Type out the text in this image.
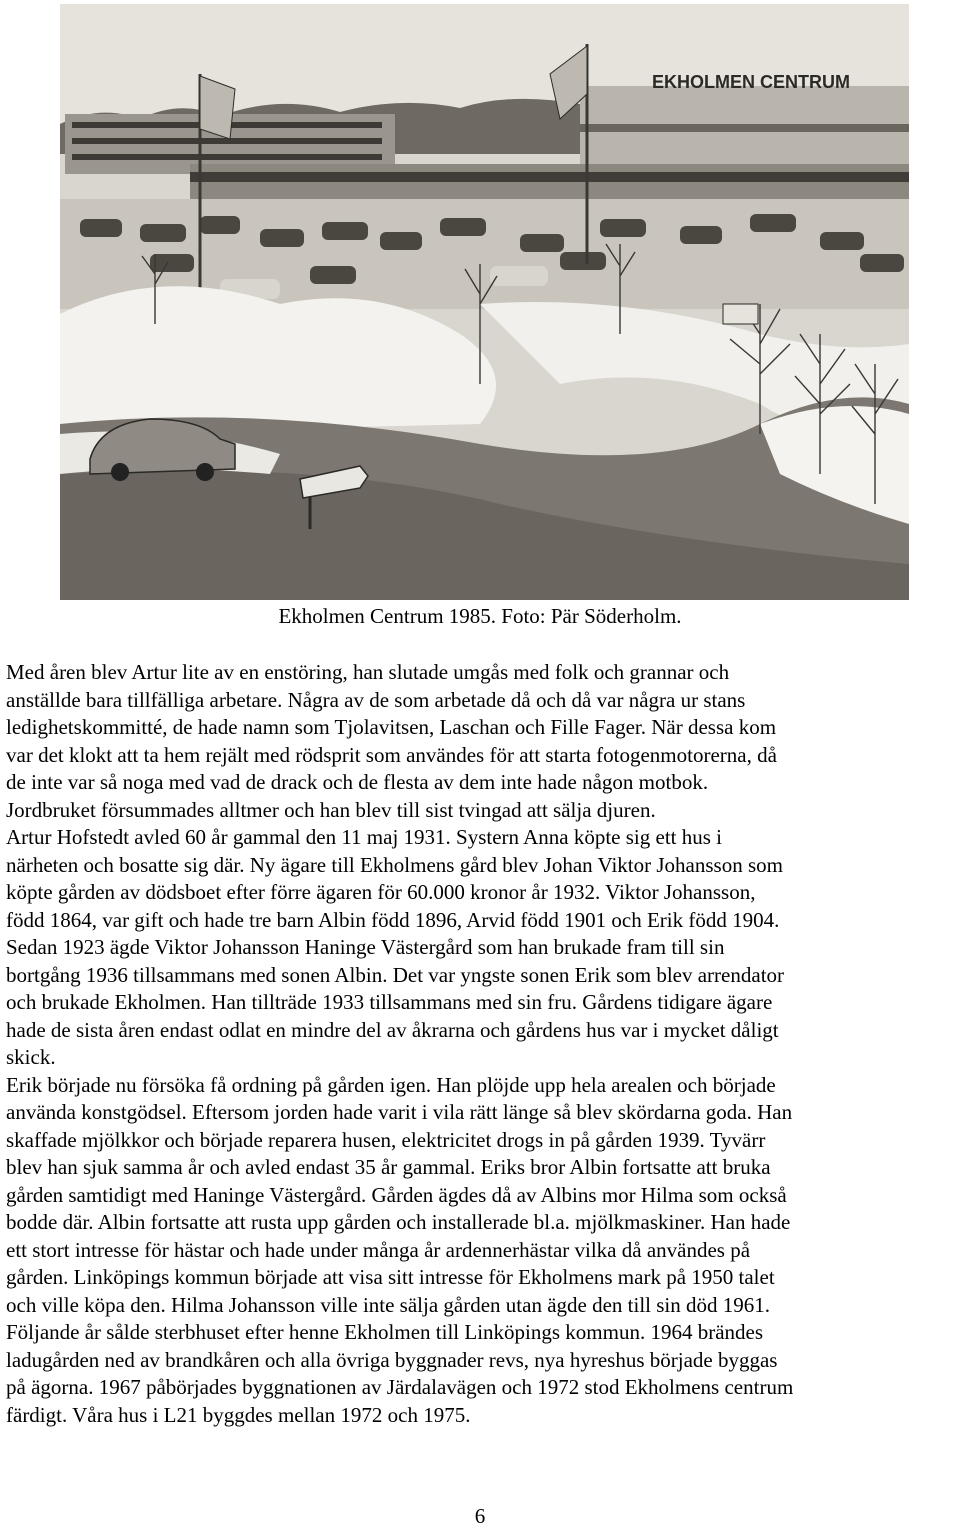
EKHOLMEN CENTRUM
Ekholmen Centrum 1985. Foto: Pär Söderholm.
Med åren blev Artur lite av en enstöring, han slutade umgås med folk och grannar och
anställde bara tillfälliga arbetare. Några av de som arbetade då och då var några ur stans
ledighetskommitté, de hade namn som Tjolavitsen, Laschan och Fille Fager. När dessa kom
var det klokt att ta hem rejält med rödsprit som användes för att starta fotogenmotorerna, då
de inte var så noga med vad de drack och de flesta av dem inte hade någon motbok.
Jordbruket försummades alltmer och han blev till sist tvingad att sälja djuren.
Artur Hofstedt avled 60 år gammal den 11 maj 1931. Systern Anna köpte sig ett hus i
närheten och bosatte sig där. Ny ägare till Ekholmens gård blev Johan Viktor Johansson som
köpte gården av dödsboet efter förre ägaren för 60.000 kronor år 1932. Viktor Johansson,
född 1864, var gift och hade tre barn Albin född 1896, Arvid född 1901 och Erik född 1904.
Sedan 1923 ägde Viktor Johansson Haninge Västergård som han brukade fram till sin
bortgång 1936 tillsammans med sonen Albin. Det var yngste sonen Erik som blev arrendator
och brukade Ekholmen. Han tillträde 1933 tillsammans med sin fru. Gårdens tidigare ägare
hade de sista åren endast odlat en mindre del av åkrarna och gårdens hus var i mycket dåligt
skick.
Erik började nu försöka få ordning på gården igen. Han plöjde upp hela arealen och började
använda konstgödsel. Eftersom jorden hade varit i vila rätt länge så blev skördarna goda. Han
skaffade mjölkkor och började reparera husen, elektricitet drogs in på gården 1939. Tyvärr
blev han sjuk samma år och avled endast 35 år gammal. Eriks bror Albin fortsatte att bruka
gården samtidigt med Haninge Västergård. Gården ägdes då av Albins mor Hilma som också
bodde där. Albin fortsatte att rusta upp gården och installerade bl.a. mjölkmaskiner. Han hade
ett stort intresse för hästar och hade under många år ardennerhästar vilka då användes på
gården. Linköpings kommun började att visa sitt intresse för Ekholmens mark på 1950 talet
och ville köpa den. Hilma Johansson ville inte sälja gården utan ägde den till sin död 1961.
Följande år sålde sterbhuset efter henne Ekholmen till Linköpings kommun. 1964 brändes
ladugården ned av brandkåren och alla övriga byggnader revs, nya hyreshus började byggas
på ägorna. 1967 påbörjades byggnationen av Järdalavägen och 1972 stod Ekholmens centrum
färdigt. Våra hus i L21 byggdes mellan 1972 och 1975.
6
